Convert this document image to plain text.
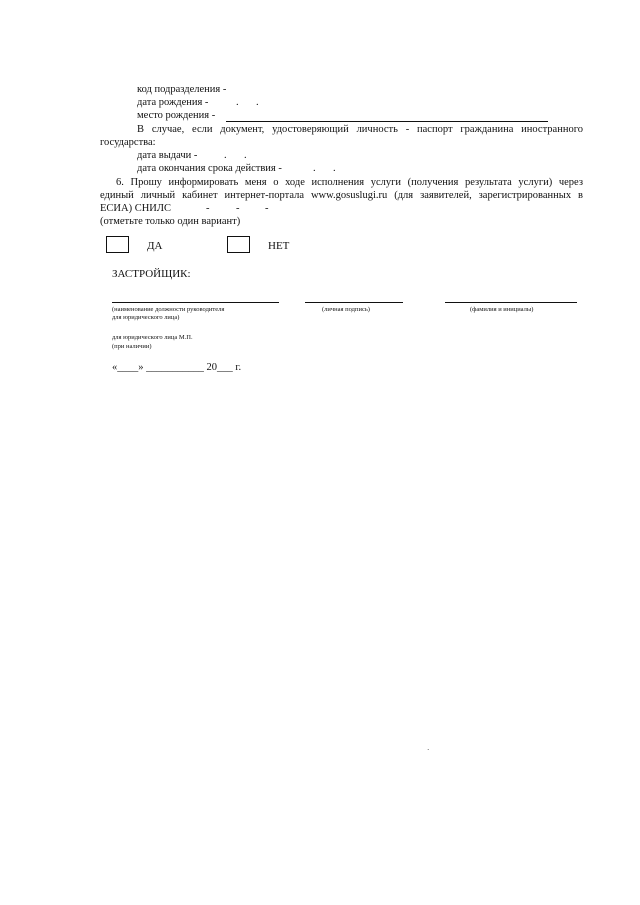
код подразделения -
дата рождения -	. .
место рождения -
В случае, если документ, удостоверяющий личность - паспорт гражданина иностранного
государства:
дата выдачи -	. .
дата окончания срока действия -	. .
6. Прошу информировать меня о ходе исполнения услуги (получения результата услуги) через
единый личный кабинет интернет-портала www.gosuslugi.ru (для заявителей, зарегистрированных в
ЕСИА) СНИЛС	-	- -
(отметьте только один вариант)
ДА	НЕТ
ЗАСТРОЙЩИК:
(наименование должности руководителя
для юридического лица)
(личная подпись)	(фамилия и инициалы)
для юридического лица М.П.
(при наличии)
«____» ___________ 20___ г.
·
